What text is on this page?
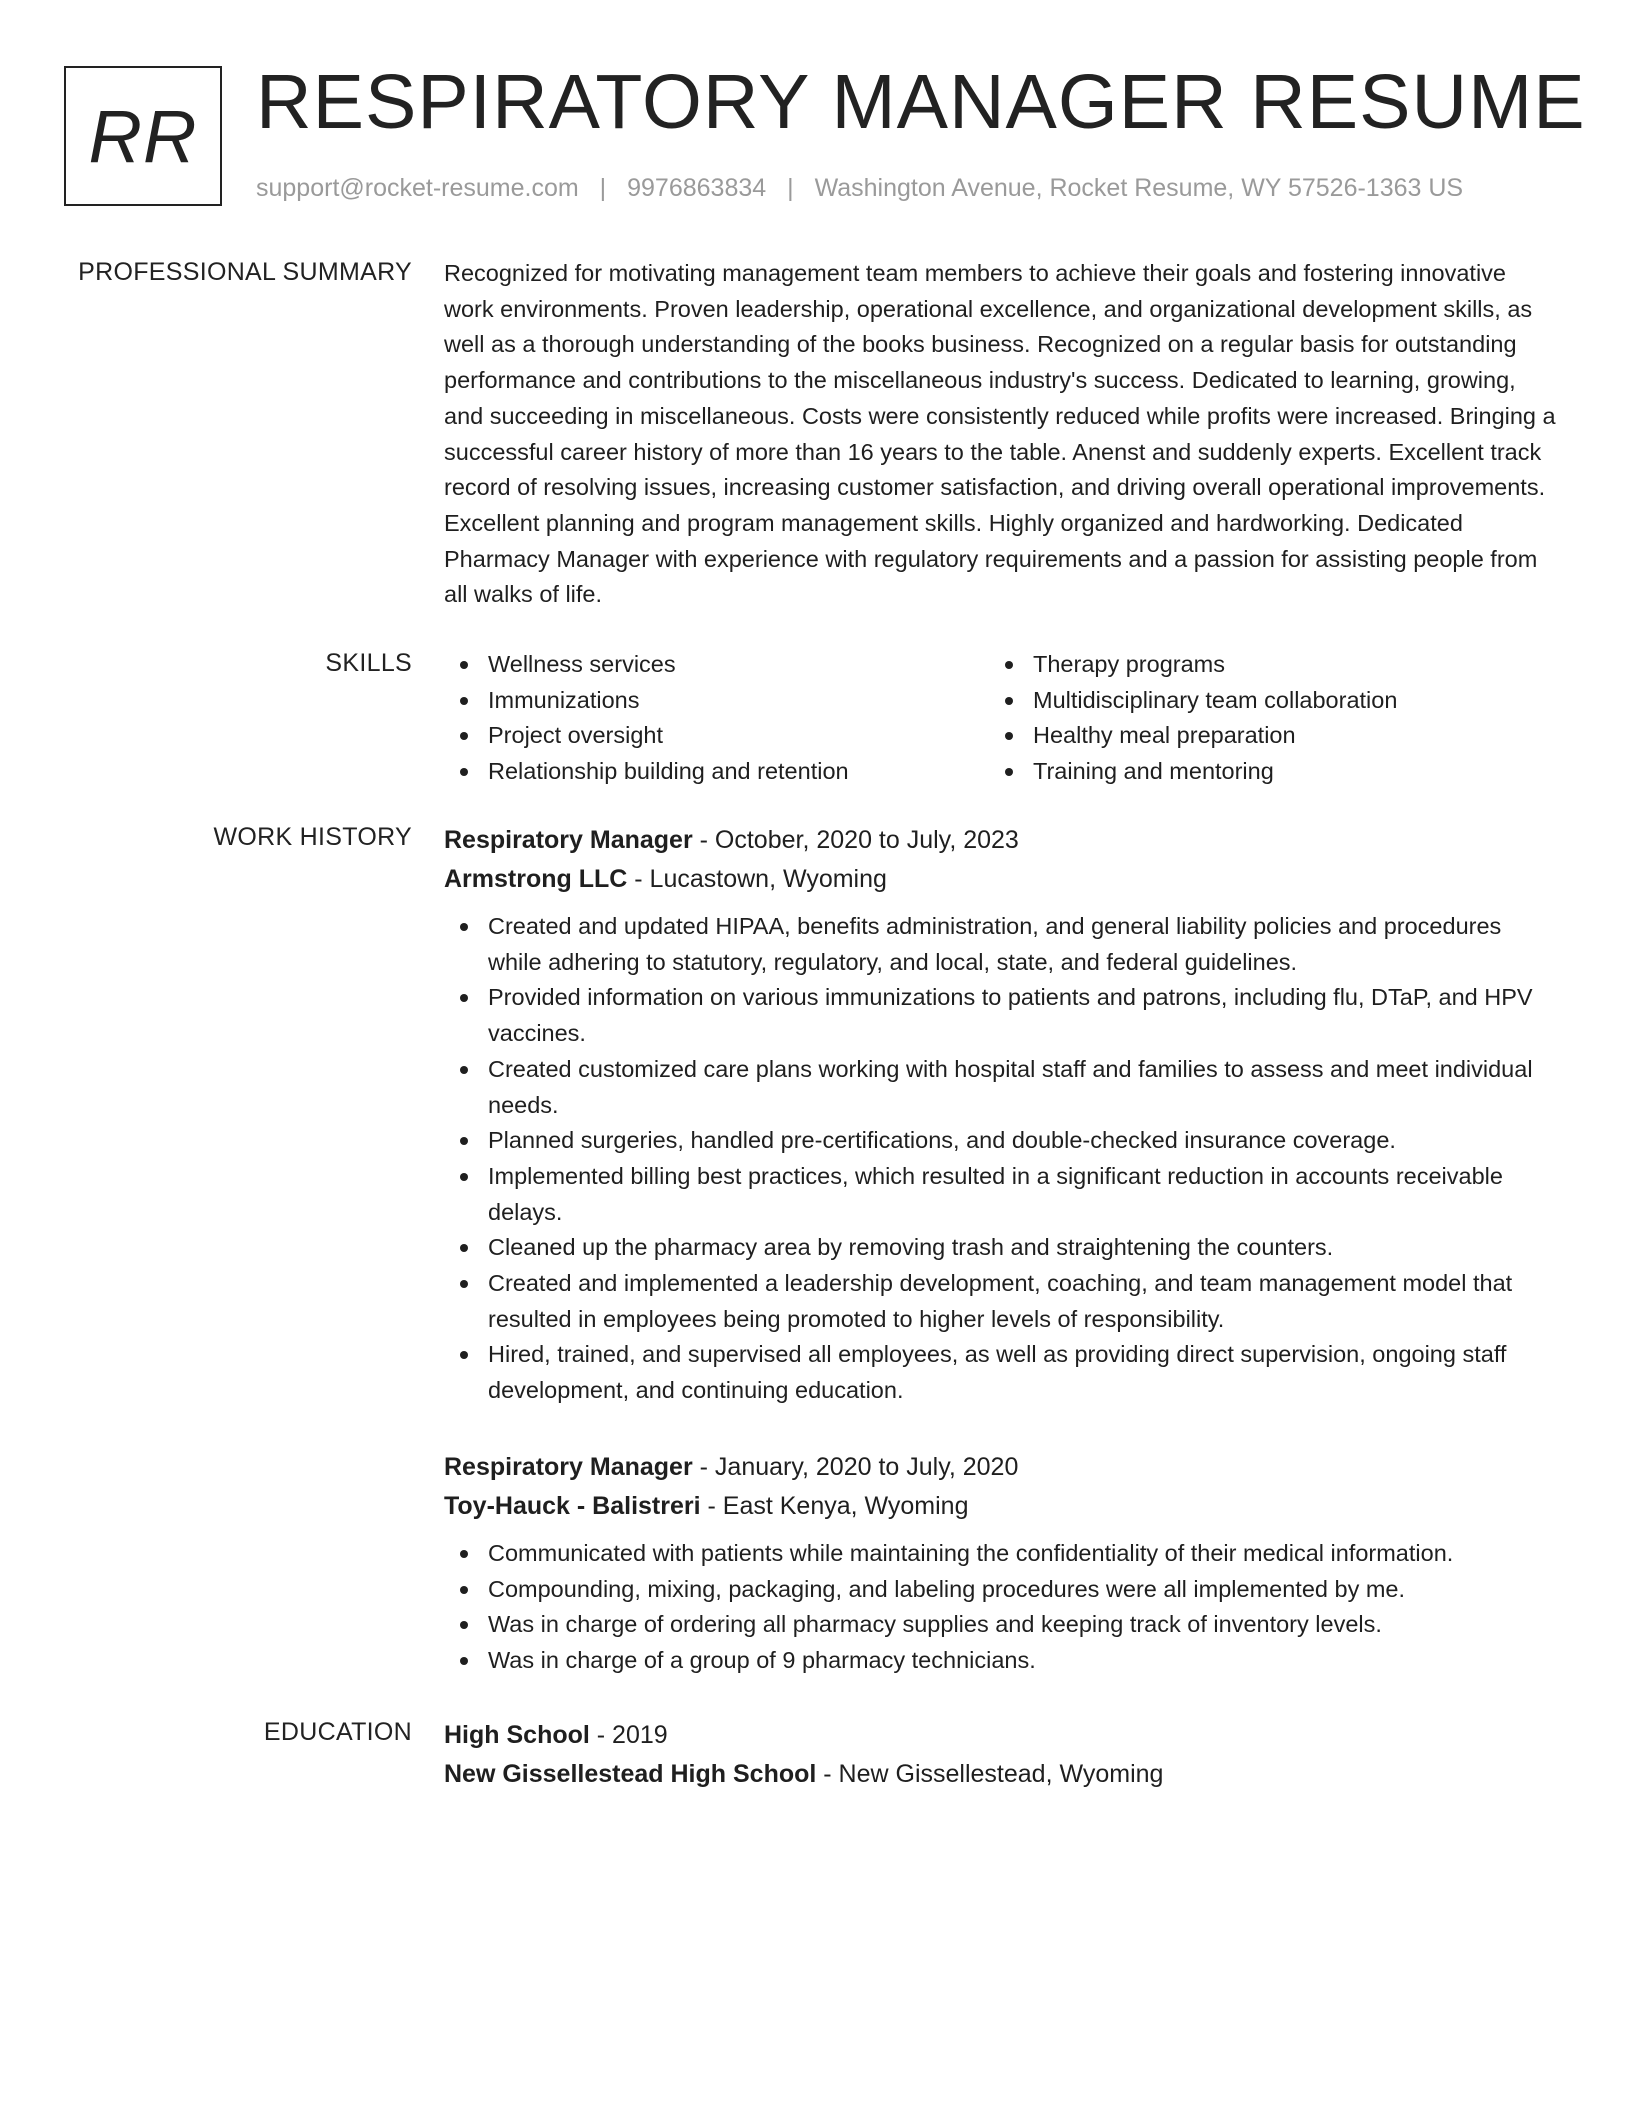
RR RESPIRATORY MANAGER RESUME
support@rocket-resume.com | 9976863834 | Washington Avenue, Rocket Resume, WY 57526-1363 US
PROFESSIONAL SUMMARY Recognized for motivating management team members to achieve their goals and fostering innovative work environments. Proven leadership, operational excellence, and organizational development skills, as well as a thorough understanding of the books business. Recognized on a regular basis for outstanding performance and contributions to the miscellaneous industry's success. Dedicated to learning, growing, and succeeding in miscellaneous. Costs were consistently reduced while profits were increased. Bringing a successful career history of more than 16 years to the table. Anenst and suddenly experts. Excellent track record of resolving issues, increasing customer satisfaction, and driving overall operational improvements. Excellent planning and program management skills. Highly organized and hardworking. Dedicated Pharmacy Manager with experience with regulatory requirements and a passion for assisting people from all walks of life.

SKILLS	Wellness services
Immunizations
Project oversight
Relationship building and retention
Therapy programs
Multidisciplinary team collaboration
Healthy meal preparation
Training and mentoring
WORK HISTORY Respiratory Manager - October, 2020 to July, 2023
Armstrong LLC - Lucastown, Wyoming
Created and updated HIPAA, benefits administration, and general liability policies and procedures while adhering to statutory, regulatory, and local, state, and federal guidelines.
Provided information on various immunizations to patients and patrons, including flu, DTaP, and HPV vaccines.
Created customized care plans working with hospital staff and families to assess and meet individual needs.
Planned surgeries, handled pre-certifications, and double-checked insurance coverage.
Implemented billing best practices, which resulted in a significant reduction in accounts receivable delays.
Cleaned up the pharmacy area by removing trash and straightening the counters.
Created and implemented a leadership development, coaching, and team management model that resulted in employees being promoted to higher levels of responsibility.
Hired, trained, and supervised all employees, as well as providing direct supervision, ongoing staff development, and continuing education.
Respiratory Manager - January, 2020 to July, 2020
Toy-Hauck - Balistreri - East Kenya, Wyoming
Communicated with patients while maintaining the confidentiality of their medical information.
Compounding, mixing, packaging, and labeling procedures were all implemented by me.
Was in charge of ordering all pharmacy supplies and keeping track of inventory levels.
Was in charge of a group of 9 pharmacy technicians.
EDUCATION High School - 2019
New Gissellestead High School - New Gissellestead, Wyoming
